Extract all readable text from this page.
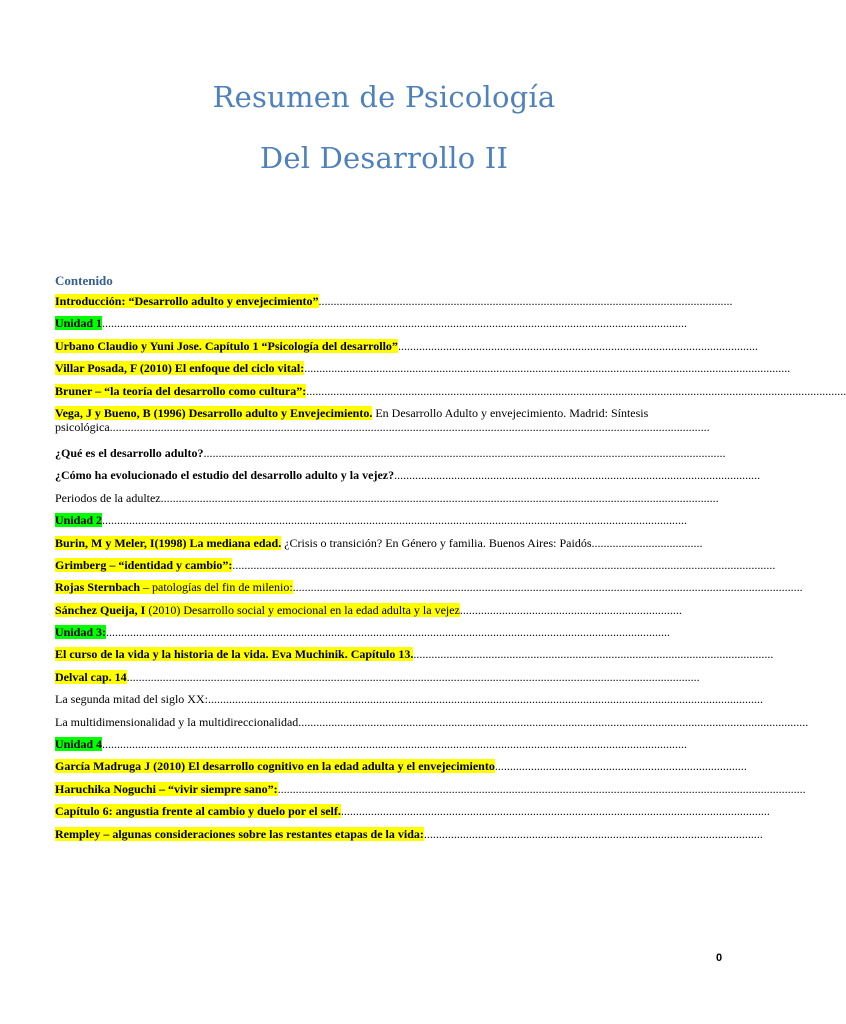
Resumen de Psicología
Del Desarrollo II
Contenido
Introducción: “Desarrollo adulto y envejecimiento”..........................................................................................................................................
Unidad 1...................................................................................................................................................................................................
Urbano Claudio y Yuni Jose. Capítulo 1 “Psicología del desarrollo”........................................................................................................................
Villar Posada, F (2010) El enfoque del ciclo vital:..................................................................................................................................................................
Bruner – “la teoría del desarrollo como cultura”:....................................................................................................................................................................................
Vega, J y Bueno, B (1996) Desarrollo adulto y Envejecimiento. En Desarrollo Adulto y envejecimiento. Madrid: Síntesis
psicológica........................................................................................................................................................................................................
¿Qué es el desarrollo adulto?..............................................................................................................................................................................
¿Cómo ha evolucionado el estudio del desarrollo adulto y la vejez?..........................................................................................................................
Periodos de la adultez..........................................................................................................................................................................................
Unidad 2...................................................................................................................................................................................................
Burin, M y Meler, I(1998) La mediana edad. ¿Crisis o transición? En Género y familia. Buenos Aires: Paidós.....................................
Grimberg – “identidad y cambio”:.....................................................................................................................................................................................
Rojas Sternbach – patologías del fin de milenio:..........................................................................................................................................................................
Sánchez Queija, I (2010) Desarrollo social y emocional en la edad adulta y la vejez..........................................................................
Unidad 3:............................................................................................................................................................................................
El curso de la vida y la historia de la vida. Eva Muchinik. Capítulo 13.........................................................................................................................
Delval cap. 14...............................................................................................................................................................................................
La segunda mitad del siglo XX:.........................................................................................................................................................................................
La multidimensionalidad y la multidireccionalidad..........................................................................................................................................................................
Unidad 4...................................................................................................................................................................................................
García Madruga J (2010) El desarrollo cognitivo en la edad adulta y el envejecimiento....................................................................................
Haruchika Noguchi – “vivir siempre sano”:................................................................................................................................................................................
Capítulo 6: angustia frente al cambio y duelo por el self................................................................................................................................................
Rempley – algunas consideraciones sobre las restantes etapas de la vida:.................................................................................................................
0
